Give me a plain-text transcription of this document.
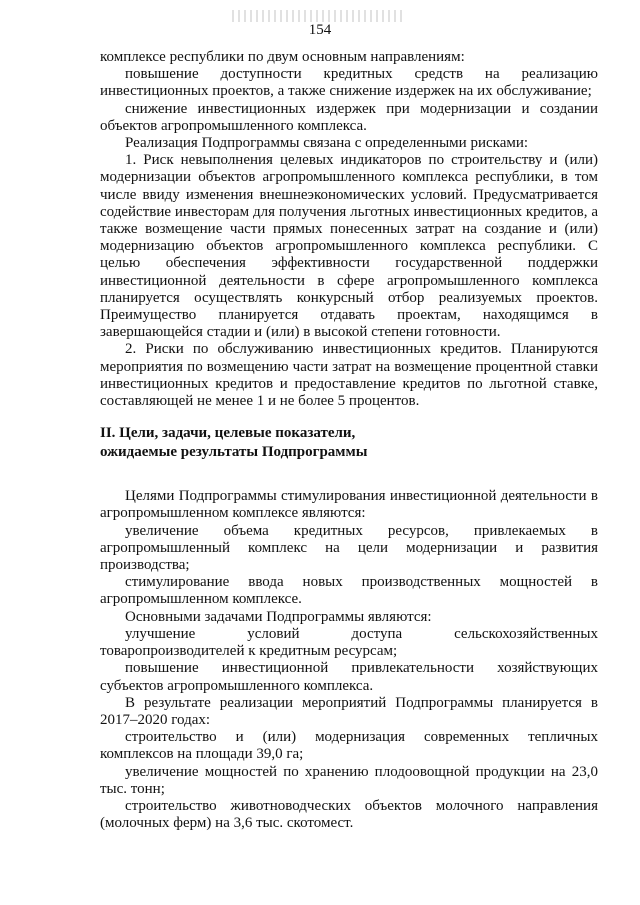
154

комплексе республики по двум основным направлениям:

повышение доступности кредитных средств на реализацию инвестиционных проектов, а также снижение издержек на их обслуживание;

снижение инвестиционных издержек при модернизации и создании объектов агропромышленного комплекса.

Реализация Подпрограммы связана с определенными рисками:

1. Риск невыполнения целевых индикаторов по строительству и (или) модернизации объектов агропромышленного комплекса республики, в том числе ввиду изменения внешнеэкономических условий. Предусматривается содействие инвесторам для получения льготных инвестиционных кредитов, а также возмещение части прямых понесенных затрат на создание и (или) модернизацию объектов агропромышленного комплекса республики. С целью обеспечения эффективности государственной поддержки инвестиционной деятельности в сфере агропромышленного комплекса планируется осуществлять конкурсный отбор реализуемых проектов. Преимущество планируется отдавать проектам, находящимся в завершающейся стадии и (или) в высокой степени готовности.

2. Риски по обслуживанию инвестиционных кредитов. Планируются мероприятия по возмещению части затрат на возмещение процентной ставки инвестиционных кредитов и предоставление кредитов по льготной ставке, составляющей не менее 1 и не более 5 процентов.

II. Цели, задачи, целевые показатели,
ожидаемые результаты Подпрограммы

Целями Подпрограммы стимулирования инвестиционной деятельности в агропромышленном комплексе являются:

увеличение объема кредитных ресурсов, привлекаемых в агропромышленный комплекс на цели модернизации и развития производства;

стимулирование ввода новых производственных мощностей в агропромышленном комплексе.

Основными задачами Подпрограммы являются:

улучшение условий доступа сельскохозяйственных товаропроизводителей к кредитным ресурсам;

повышение инвестиционной привлекательности хозяйствующих субъектов агропромышленного комплекса.

В результате реализации мероприятий Подпрограммы планируется в 2017–2020 годах:

строительство и (или) модернизация современных тепличных комплексов на площади 39,0 га;

увеличение мощностей по хранению плодоовощной продукции на 23,0 тыс. тонн;

строительство животноводческих объектов молочного направления (молочных ферм) на 3,6 тыс. скотомест.
